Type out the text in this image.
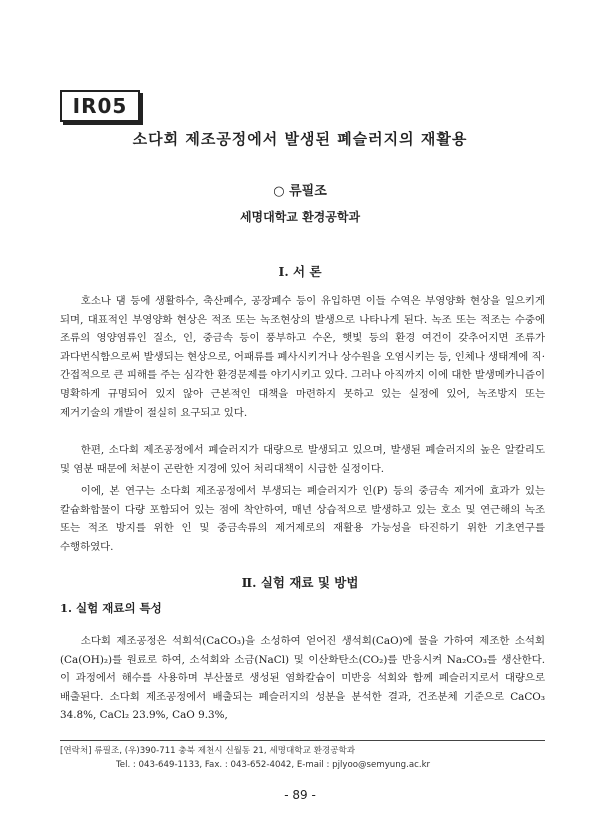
IR05
소다회 제조공정에서 발생된 폐슬러지의 재활용
○ 류필조
세명대학교 환경공학과
Ⅰ. 서 론

호소나 댐 등에 생활하수, 축산폐수, 공장폐수 등이 유입하면 이들 수역은 부영양화 현상을 일으키게 되며, 대표적인 부영양화 현상은 적조 또는 녹조현상의 발생으로 나타나게 된다. 녹조 또는 적조는 수중에 조류의 영양염류인 질소, 인, 중금속 등이 풍부하고 수온, 햇빛 등의 환경 여건이 갖추어지면 조류가 과다번식함으로써 발생되는 현상으로, 어패류를 폐사시키거나 상수원을 오염시키는 등, 인체나 생태계에 직·간접적으로 큰 피해를 주는 심각한 환경문제를 야기시키고 있다. 그러나 아직까지 이에 대한 발생메카니즘이 명확하게 규명되어 있지 않아 근본적인 대책을 마련하지 못하고 있는 실정에 있어, 녹조방지 또는 제거기술의 개발이 절실히 요구되고 있다.

한편, 소다회 제조공정에서 폐슬러지가 대량으로 발생되고 있으며, 발생된 폐슬러지의 높은 알칼리도 및 염분 때문에 처분이 곤란한 지경에 있어 처리대책이 시급한 실정이다.

이에, 본 연구는 소다회 제조공정에서 부생되는 폐슬러지가 인(P) 등의 중금속 제거에 효과가 있는 칼슘화합물이 다량 포함되어 있는 점에 착안하여, 매년 상습적으로 발생하고 있는 호소 및 연근해의 녹조 또는 적조 방지를 위한 인 및 중금속류의 제거제로의 재활용 가능성을 타진하기 위한 기초연구를 수행하였다.

Ⅱ. 실험 재료 및 방법
1. 실험 재료의 특성

소다회 제조공정은 석회석(CaCO₃)을 소성하여 얻어진 생석회(CaO)에 물을 가하여 제조한 소석회(Ca(OH)₂)를 원료로 하여, 소석회와 소금(NaCl) 및 이산화탄소(CO₂)를 반응시켜 Na₂CO₃를 생산한다. 이 과정에서 해수를 사용하며 부산물로 생성된 염화칼슘이 미반응 석회와 함께 폐슬러지로서 대량으로 배출된다. 소다회 제조공정에서 배출되는 폐슬러지의 성분을 분석한 결과, 건조분체 기준으로 CaCO₃ 34.8%, CaCl₂ 23.9%, CaO 9.3%,

[연락처] 류필조, (우)390-711 충북 제천시 신월동 21, 세명대학교 환경공학과
Tel. : 043-649-1133, Fax. : 043-652-4042, E-mail : pjlyoo@semyung.ac.kr
- 89 -
